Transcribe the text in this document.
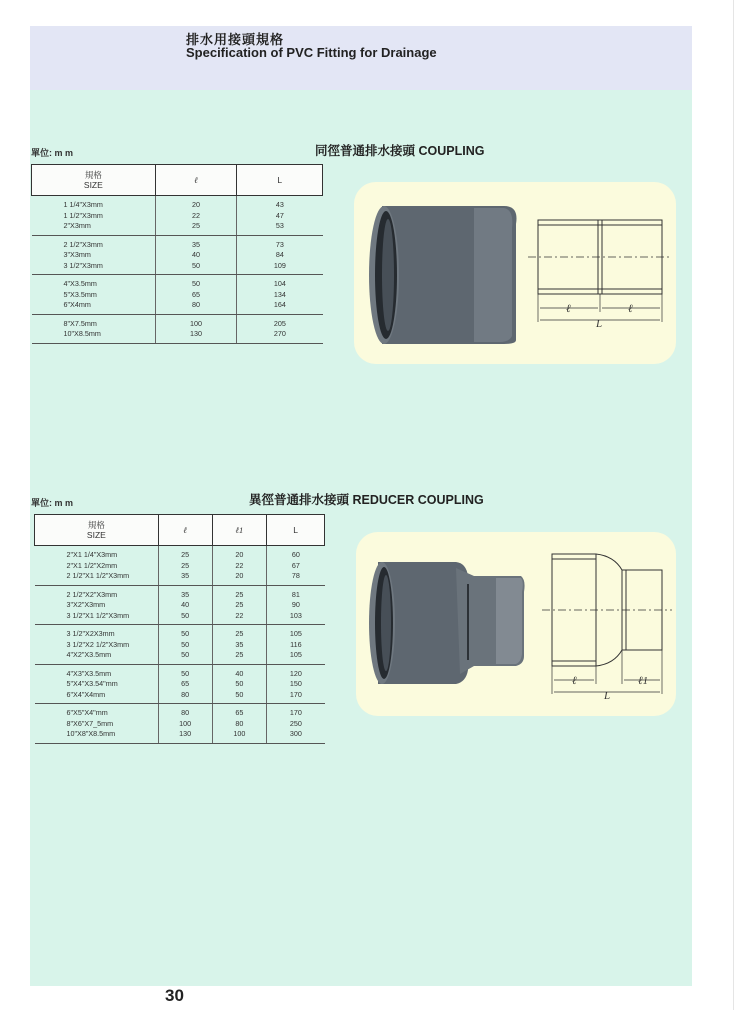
排水用接頭規格
Specification of PVC Fitting for Drainage
單位: m m	同徑普通排水接頭 COUPLING
規格
SIZE	ℓ	L
1 1/4"X3mm	20	43
1 1/2"X3mm	22	47
2"X3mm	25	53
2 1/2"X3mm	35	73
3"X3mm	40	84
3 1/2"X3mm	50	109
4"X3.5mm	50	104
5"X3.5mm	65	134
6"X4mm	80	164
8"X7.5mm	100	205
10"X8.5mm	130	270
ℓ	ℓ
L
單位: m m	異徑普通排水接頭 REDUCER COUPLING
規格
SIZE	ℓ	ℓ1	L
2"X1 1/4"X3mm	25	20	60
2"X1 1/2"X2mm	25	22	67
2 1/2"X1 1/2"X3mm	35	20	78
2 1/2"X2"X3mm	35	25	81
3"X2"X3mm	40	25	90
3 1/2"X1 1/2"X3mm	50	22	103
3 1/2"X2X3mm	50	25	105
3 1/2"X2 1/2"X3mm	50	35	116
4"X2"X3.5mm	50	25	105
4"X3"X3.5mm	50	40	120
5"X4"X3.54"mm	65	50	150
6"X4"X4mm	80	50	170
6"X5"X4"mm	80	65	170
8"X6"X7_5mm	100	80	250
10"X8"X8.5mm	130	100	300
ℓ	ℓ1
L
30
